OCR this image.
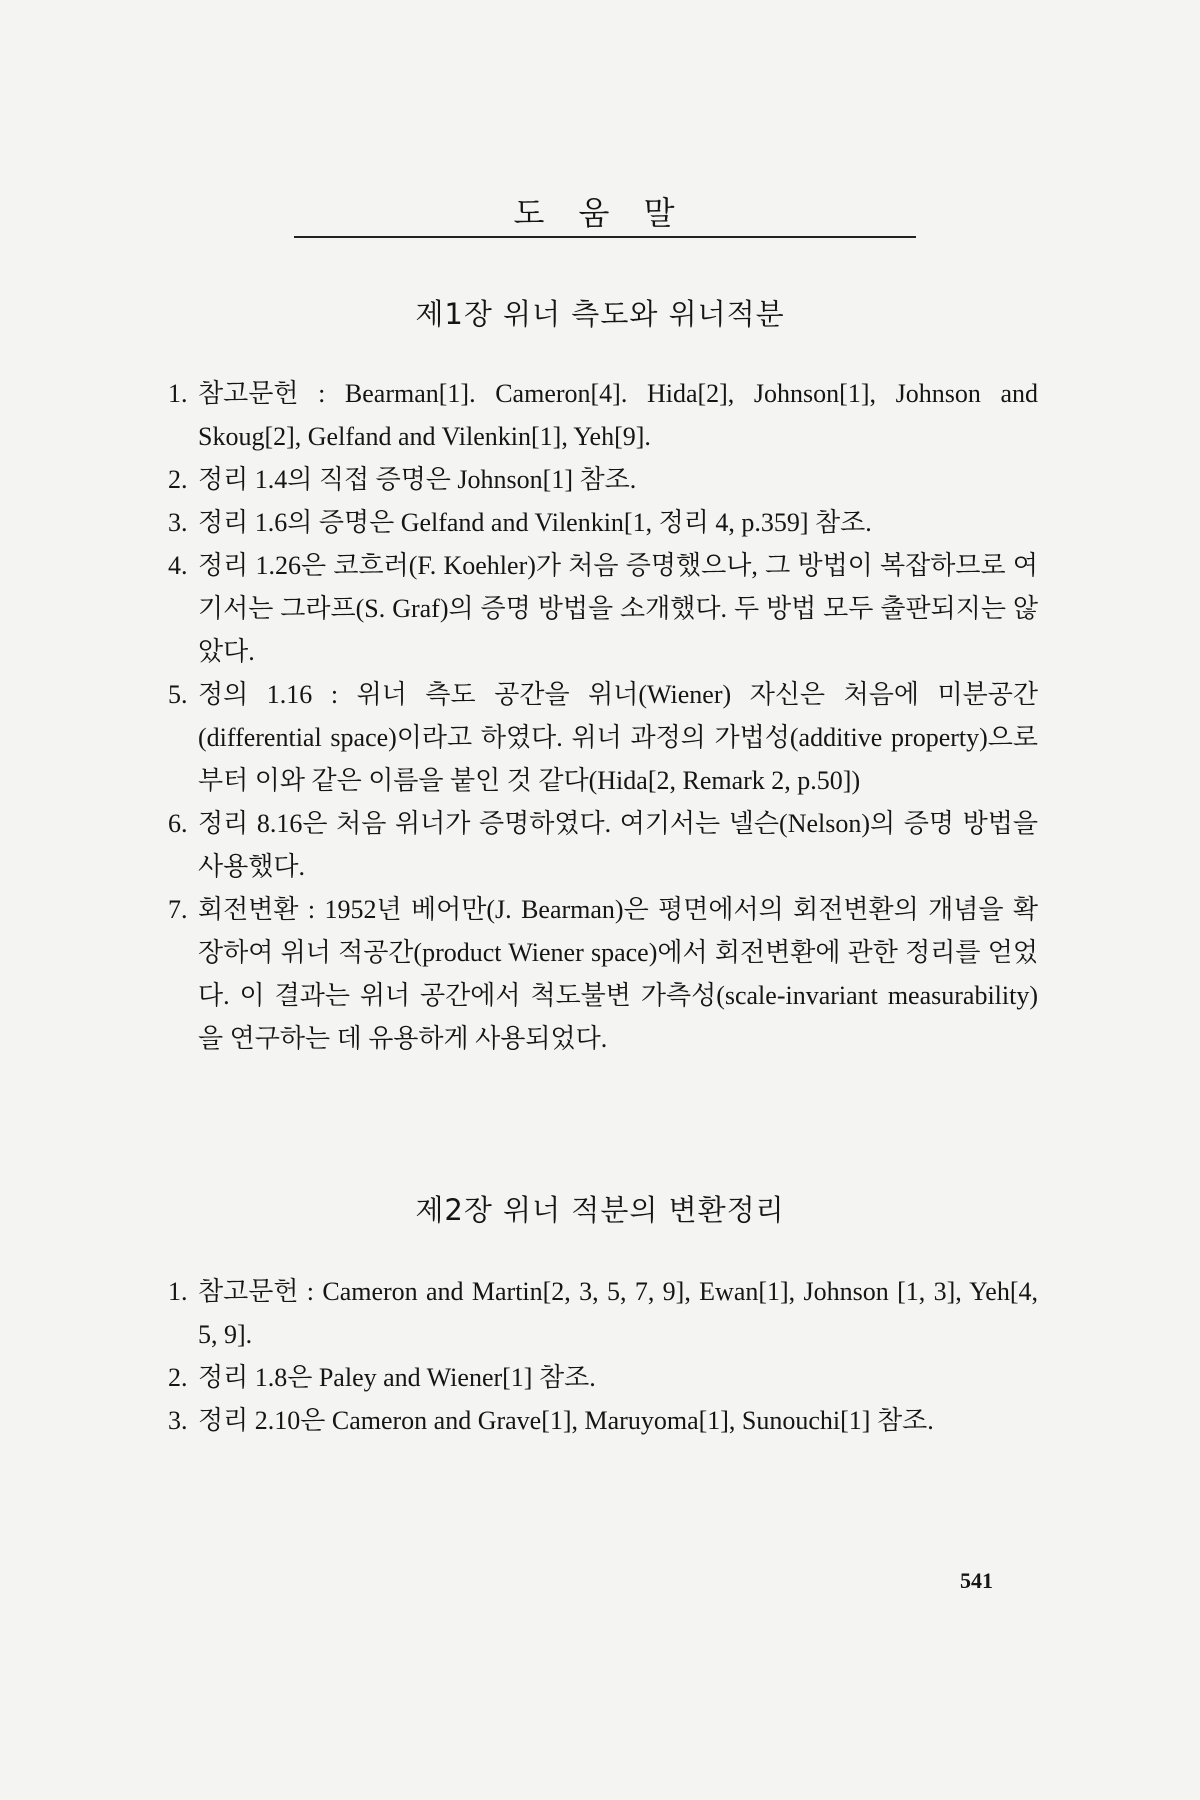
도 움 말
제1장 위너 측도와 위너적분
1. 참고문헌 : Bearman[1]. Cameron[4]. Hida[2], Johnson[1], Johnson and Skoug[2], Gelfand and Vilenkin[1], Yeh[9].
2. 정리 1.4의 직접 증명은 Johnson[1] 참조.
3. 정리 1.6의 증명은 Gelfand and Vilenkin[1, 정리 4, p.359] 참조.
4. 정리 1.26은 코흐러(F. Koehler)가 처음 증명했으나, 그 방법이 복잡하므로 여기서는 그라프(S. Graf)의 증명 방법을 소개했다. 두 방법 모두 출판되지는 않았다.
5. 정의 1.16 : 위너 측도 공간을 위너(Wiener) 자신은 처음에 미분공간(differential space)이라고 하였다. 위너 과정의 가법성(additive property)으로부터 이와 같은 이름을 붙인 것 같다(Hida[2, Remark 2, p.50])
6. 정리 8.16은 처음 위너가 증명하였다. 여기서는 넬슨(Nelson)의 증명 방법을 사용했다.
7. 회전변환 : 1952년 베어만(J. Bearman)은 평면에서의 회전변환의 개념을 확장하여 위너 적공간(product Wiener space)에서 회전변환에 관한 정리를 얻었다. 이 결과는 위너 공간에서 척도불변 가측성(scale-invariant measurability)을 연구하는 데 유용하게 사용되었다.
제2장 위너 적분의 변환정리
1. 참고문헌 : Cameron and Martin[2, 3, 5, 7, 9], Ewan[1], Johnson [1, 3], Yeh[4, 5, 9].
2. 정리 1.8은 Paley and Wiener[1] 참조.
3. 정리 2.10은 Cameron and Grave[1], Maruyoma[1], Sunouchi[1] 참조.
541
